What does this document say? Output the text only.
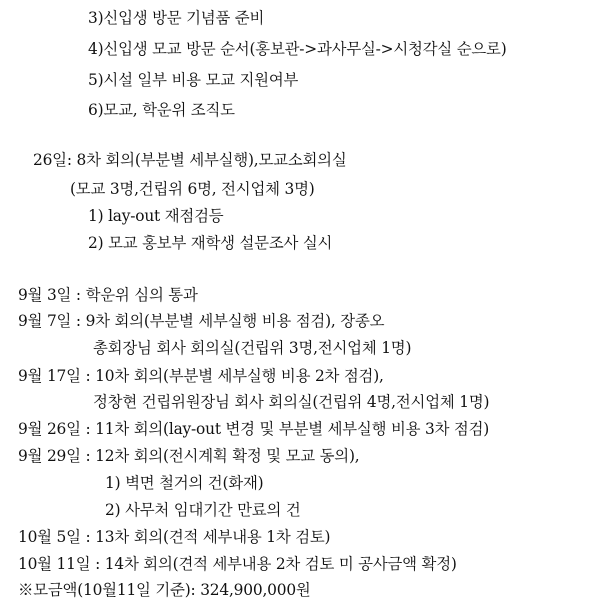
3)신입생 방문 기념품 준비
4)신입생 모교 방문 순서(홍보관->과사무실->시청각실 순으로)
5)시설 일부 비용 모교 지원여부
6)모교, 학운위 조직도
26일: 8차 회의(부분별 세부실행),모교소회의실
(모교 3명,건립위 6명, 전시업체 3명)
1) lay-out 재점검등
2) 모교 홍보부 재학생 설문조사 실시
9월 3일 : 학운위 심의 통과
9월 7일 : 9차 회의(부분별 세부실행 비용 점검), 장종오
총회장님 회사 회의실(건립위 3명,전시업체 1명)
9월 17일 : 10차 회의(부분별 세부실행 비용 2차 점검),
정창현 건립위원장님 회사 회의실(건립위 4명,전시업체 1명)
9월 26일 : 11차 회의(lay-out 변경 및 부분별 세부실행 비용 3차 점검)
9월 29일 : 12차 회의(전시계획 확정 및 모교 동의),
1) 벽면 철거의 건(화재)
2) 사무처 임대기간 만료의 건
10월 5일 : 13차 회의(견적 세부내용 1차 검토)
10월 11일 : 14차 회의(견적 세부내용 2차 검토 미 공사금액 확정)
※모금액(10월11일 기준): 324,900,000원
